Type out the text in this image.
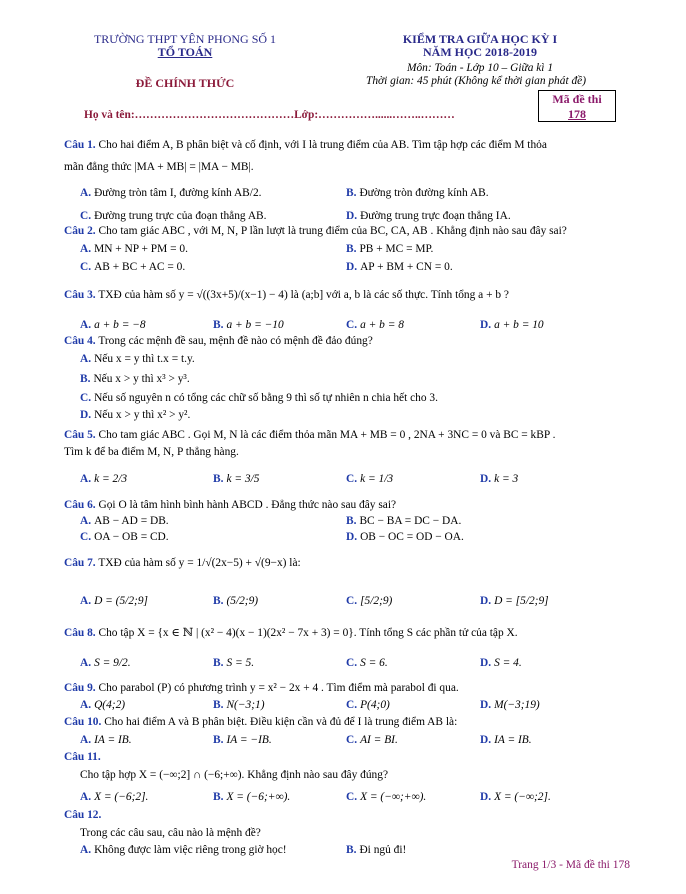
TRƯỜNG THPT YÊN PHONG SỐ 1
TỔ TOÁN
ĐỀ CHÍNH THỨC
KIỂM TRA GIỮA HỌC KỲ I
NĂM HỌC 2018-2019
Môn: Toán - Lớp 10 – Giữa kì 1
Thời gian: 45 phút (Không kể thời gian phát đề)
Mã đề thi
178
Họ và tên:……………………………………Lớp:……………......……..………
Câu 1. Cho hai điểm A, B phân biệt và cố định, với I là trung điểm của AB. Tìm tập hợp các điểm M thỏa
mãn đẳng thức |MA + MB| = |MA − MB|.
A. Đường tròn tâm I, đường kính AB/2.	B. Đường tròn đường kính AB.
C. Đường trung trực của đoạn thẳng AB.	D. Đường trung trực đoạn thẳng IA.
Câu 2. Cho tam giác ABC , với M, N, P lần lượt là trung điểm của BC, CA, AB . Khẳng định nào sau đây sai?
A. MN + NP + PM = 0.	B. PB + MC = MP.
C. AB + BC + AC = 0.	D. AP + BM + CN = 0.
Câu 3. TXĐ của hàm số y = √((3x+5)/(x−1) − 4) là (a;b] với a, b là các số thực. Tính tổng a + b ?
A. a + b = −8	B. a + b = −10	C. a + b = 8	D. a + b = 10
Câu 4. Trong các mệnh đề sau, mệnh đề nào có mệnh đề đảo đúng?
A. Nếu x = y thì t.x = t.y.
B. Nếu x > y thì x³ > y³.
C. Nếu số nguyên n có tổng các chữ số bằng 9 thì số tự nhiên n chia hết cho 3.
D. Nếu x > y thì x² > y².
Câu 5. Cho tam giác ABC . Gọi M, N là các điểm thỏa mãn MA + MB = 0 , 2NA + 3NC = 0 và BC = kBP .
Tìm k để ba điểm M, N, P thẳng hàng.
A. k = 2/3	B. k = 3/5	C. k = 1/3	D. k = 3
Câu 6. Gọi O là tâm hình bình hành ABCD . Đẳng thức nào sau đây sai?
A. AB − AD = DB.	B. BC − BA = DC − DA.
C. OA − OB = CD.	D. OB − OC = OD − OA.
Câu 7. TXĐ của hàm số y = 1/√(2x−5) + √(9−x) là:
A. D = (5/2;9]	B. (5/2;9)	C. [5/2;9)	D. D = [5/2;9]
Câu 8. Cho tập X = {x ∈ ℕ | (x² − 4)(x − 1)(2x² − 7x + 3) = 0}. Tính tổng S các phần tử của tập X.
A. S = 9/2.	B. S = 5.	C. S = 6.	D. S = 4.
Câu 9. Cho parabol (P) có phương trình y = x² − 2x + 4 . Tìm điểm mà parabol đi qua.
A. Q(4;2)	B. N(−3;1)	C. P(4;0)	D. M(−3;19)
Câu 10. Cho hai điểm A và B phân biệt. Điều kiện cần và đủ để I là trung điểm AB là:
A. IA = IB.	B. IA = −IB.	C. AI = BI.	D. IA = IB.
Câu 11.
Cho tập hợp X = (−∞;2] ∩ (−6;+∞). Khẳng định nào sau đây đúng?
A. X = (−6;2].	B. X = (−6;+∞).	C. X = (−∞;+∞).	D. X = (−∞;2].
Câu 12.
Trong các câu sau, câu nào là mệnh đề?
A. Không được làm việc riêng trong giờ học!	B. Đi ngủ đi!
Trang 1/3 - Mã đề thi 178
